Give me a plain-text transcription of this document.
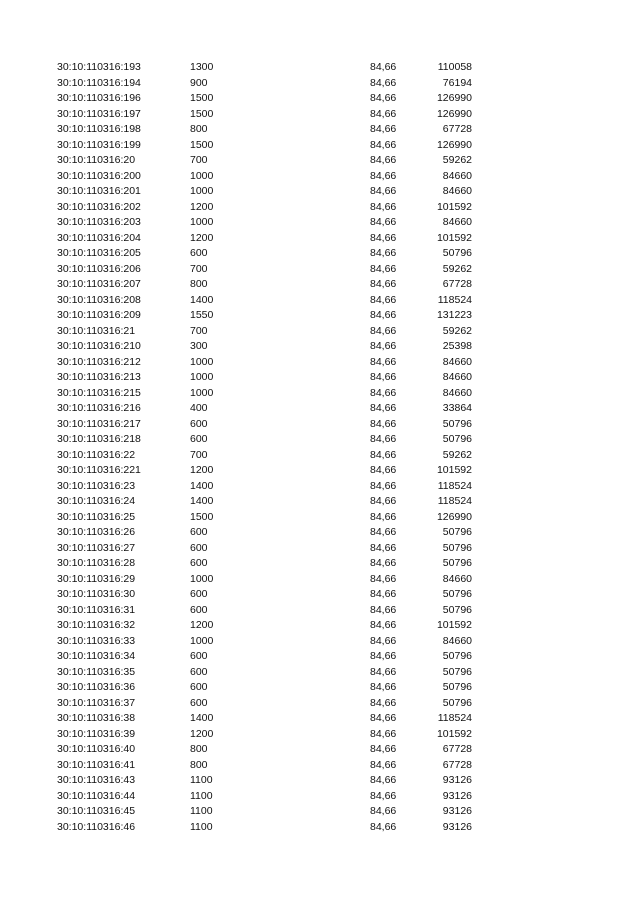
30:10:110316:193	1300	84,66	110058
30:10:110316:194	900	84,66	76194
30:10:110316:196	1500	84,66	126990
30:10:110316:197	1500	84,66	126990
30:10:110316:198	800	84,66	67728
30:10:110316:199	1500	84,66	126990
30:10:110316:20	700	84,66	59262
30:10:110316:200	1000	84,66	84660
30:10:110316:201	1000	84,66	84660
30:10:110316:202	1200	84,66	101592
30:10:110316:203	1000	84,66	84660
30:10:110316:204	1200	84,66	101592
30:10:110316:205	600	84,66	50796
30:10:110316:206	700	84,66	59262
30:10:110316:207	800	84,66	67728
30:10:110316:208	1400	84,66	118524
30:10:110316:209	1550	84,66	131223
30:10:110316:21	700	84,66	59262
30:10:110316:210	300	84,66	25398
30:10:110316:212	1000	84,66	84660
30:10:110316:213	1000	84,66	84660
30:10:110316:215	1000	84,66	84660
30:10:110316:216	400	84,66	33864
30:10:110316:217	600	84,66	50796
30:10:110316:218	600	84,66	50796
30:10:110316:22	700	84,66	59262
30:10:110316:221	1200	84,66	101592
30:10:110316:23	1400	84,66	118524
30:10:110316:24	1400	84,66	118524
30:10:110316:25	1500	84,66	126990
30:10:110316:26	600	84,66	50796
30:10:110316:27	600	84,66	50796
30:10:110316:28	600	84,66	50796
30:10:110316:29	1000	84,66	84660
30:10:110316:30	600	84,66	50796
30:10:110316:31	600	84,66	50796
30:10:110316:32	1200	84,66	101592
30:10:110316:33	1000	84,66	84660
30:10:110316:34	600	84,66	50796
30:10:110316:35	600	84,66	50796
30:10:110316:36	600	84,66	50796
30:10:110316:37	600	84,66	50796
30:10:110316:38	1400	84,66	118524
30:10:110316:39	1200	84,66	101592
30:10:110316:40	800	84,66	67728
30:10:110316:41	800	84,66	67728
30:10:110316:43	1100	84,66	93126
30:10:110316:44	1100	84,66	93126
30:10:110316:45	1100	84,66	93126
30:10:110316:46	1100	84,66	93126
